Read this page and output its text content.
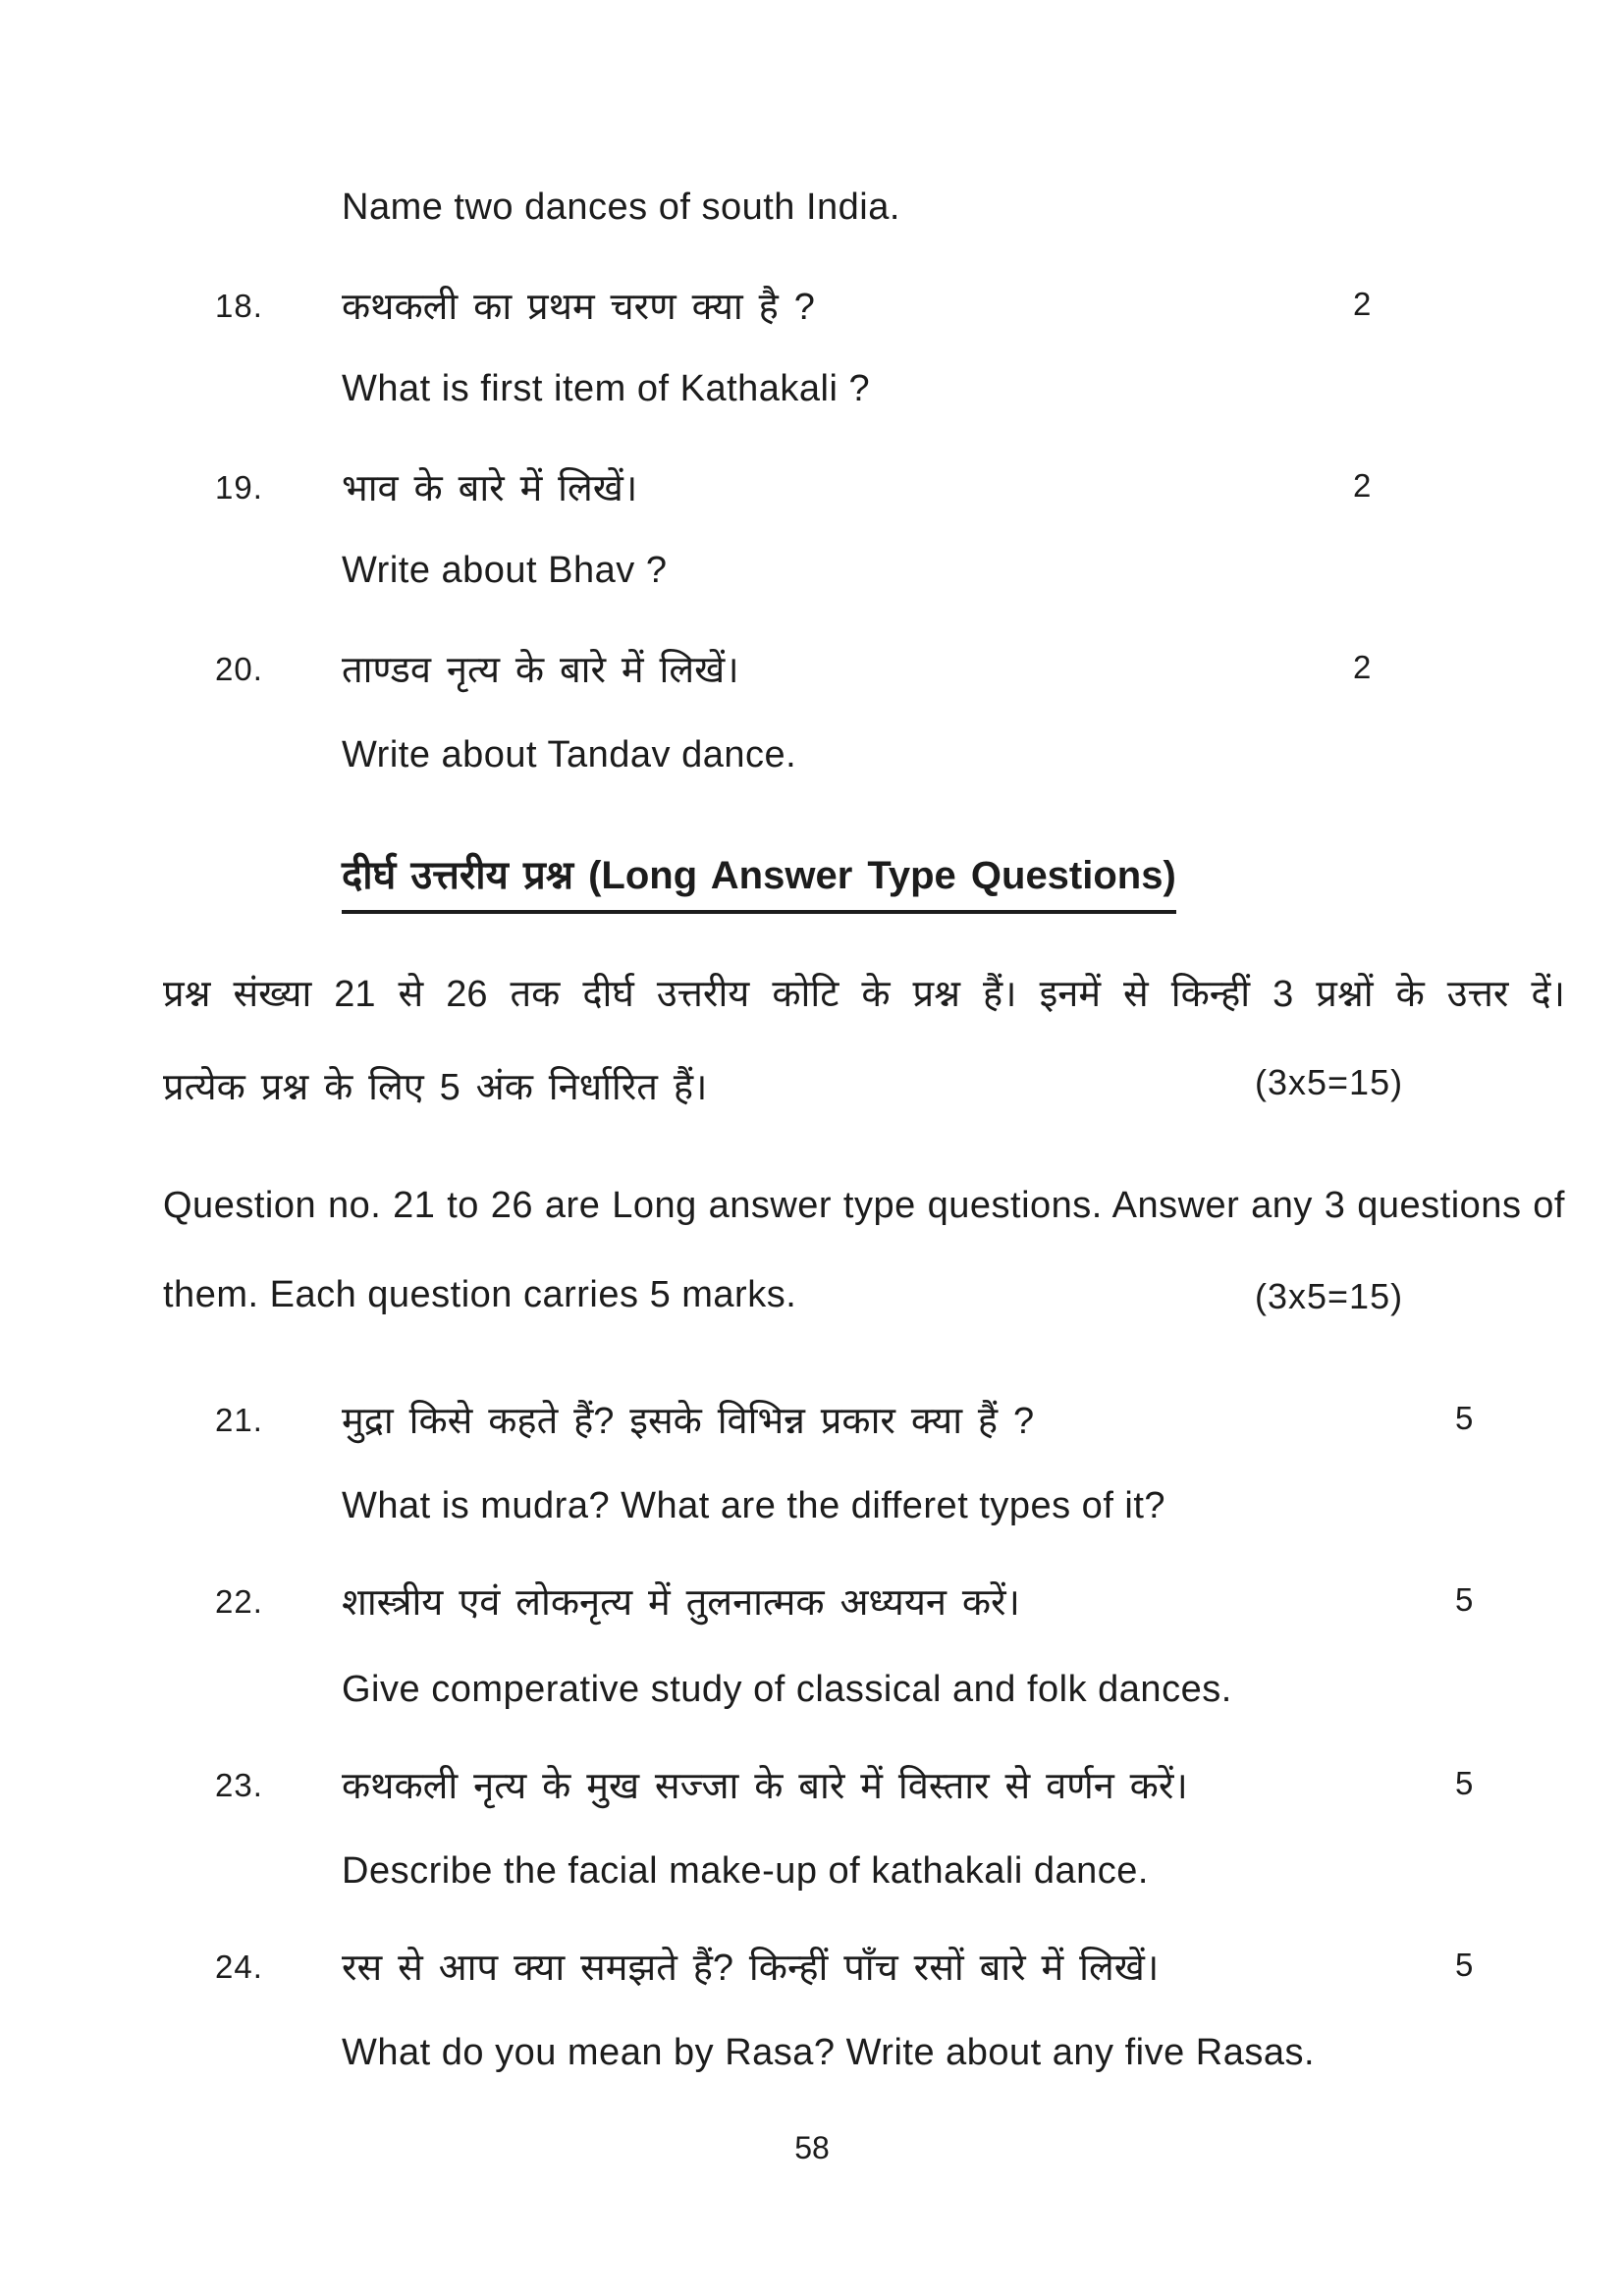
Name two dances of south India.
18. कथकली का प्रथम चरण क्या है ?	2
What is first item of Kathakali ?
19. भाव के बारे में लिखें।	2
Write about Bhav ?
20. ताण्डव नृत्य के बारे में लिखें।	2
Write about Tandav dance.
दीर्घ उत्तरीय प्रश्न (Long Answer Type Questions)
प्रश्न संख्या 21 से 26 तक दीर्घ उत्तरीय कोटि के प्रश्न हैं। इनमें से किन्हीं 3 प्रश्नों के उत्तर दें।
प्रत्येक प्रश्न के लिए 5 अंक निर्धारित हैं।	(3x5=15)
Question no. 21 to 26 are Long answer type questions. Answer any 3 questions of
them. Each question carries 5 marks.	(3x5=15)
21. मुद्रा किसे कहते हैं? इसके विभिन्न प्रकार क्या हैं ?	5
What is mudra? What are the differet types of it?
22. शास्त्रीय एवं लोकनृत्य में तुलनात्मक अध्ययन करें।	5
Give comperative study of classical and folk dances.
23. कथकली नृत्य के मुख सज्जा के बारे में विस्तार से वर्णन करें।	5
Describe the facial make-up of kathakali dance.
24. रस से आप क्या समझते हैं? किन्हीं पाँच रसों बारे में लिखें।	5
What do you mean by Rasa? Write about any five Rasas.
58
